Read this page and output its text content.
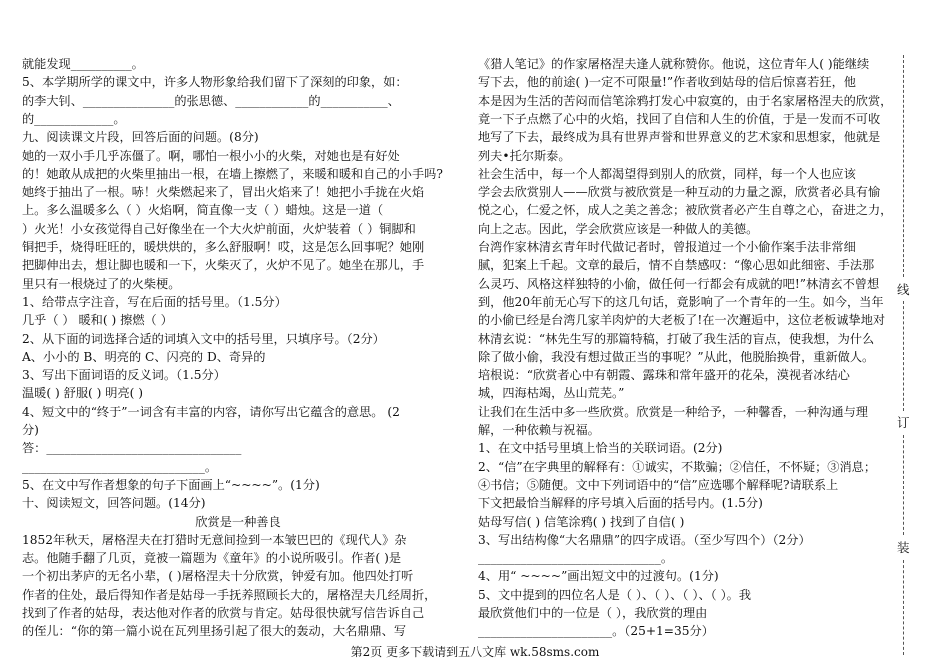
就能发现__________。
5、本学期所学的课文中，许多人物形象给我们留下了深刻的印象，如：
的李大钊、_______________的张思德、____________的___________、
的_____________。
九、阅读课文片段，回答后面的问题。(8分)
她的一双小手几乎冻僵了。啊，哪怕一根小小的火柴，对她也是有好处
的！她敢从成把的火柴里抽出一根，在墙上擦燃了，来暖和暖和自己的小手吗?
她终于抽出了一根。哧！火柴燃起来了，冒出火焰来了！她把小手拢在火焰
上。多么温暖多么（ ）火焰啊，简直像一支（ ）蜡烛。这是一道（
）火光！小女孩觉得自己好像坐在一个大火炉前面，火炉装着（ ）铜脚和
铜把手，烧得旺旺的，暖烘烘的，多么舒服啊！哎，这是怎么回事呢？她刚
把脚伸出去，想让脚也暖和一下，火柴灭了，火炉不见了。她坐在那儿，手
里只有一根烧过了的火柴梗。
1、给带点字注音，写在后面的括号里。（1.5分）
几乎（ ） 暖和( ) 擦燃（ ）
2、从下面的词选择合适的词填入文中的括号里，只填序号。（2分）
A、小小的 B、明亮的 C、闪亮的 D、奇异的
3、写出下面词语的反义词。（1.5分）
温暖( ) 舒服( ) 明亮( )
4、短文中的“终于”一词含有丰富的内容，请你写出它蕴含的意思。 (2
分)
答：________________________________
______________________________。
5、在文中写作者想象的句子下面画上“~~~~”。(1分)
十、阅读短文，回答问题。(14分)
欣赏是一种善良
1852年秋天，屠格涅夫在打猎时无意间捡到一本皱巴巴的《现代人》杂
志。他随手翻了几页，竟被一篇题为《童年》的小说所吸引。作者( )是
一个初出茅庐的无名小辈，( )屠格涅夫十分欣赏，钟爱有加。他四处打听
作者的住处，最后得知作者是姑母一手抚养照顾长大的，屠格涅夫几经周折，
找到了作者的姑母，表达他对作者的欣赏与肯定。姑母很快就写信告诉自己
的侄儿：“你的第一篇小说在瓦列里扬引起了很大的轰动，大名鼎鼎、写
《猎人笔记》的作家屠格涅夫逢人就称赞你。他说，这位青年人( )能继续
写下去，他的前途( )一定不可限量!”作者收到姑母的信后惊喜若狂，他
本是因为生活的苦闷而信笔涂鸦打发心中寂寞的，由于名家屠格涅夫的欣赏，
竟一下子点燃了心中的火焰，找回了自信和人生的价值，于是一发而不可收
地写了下去，最终成为具有世界声誉和世界意义的艺术家和思想家，他就是
列夫•托尔斯泰。
社会生活中，每一个人都渴望得到别人的欣赏，同样，每一个人也应该
学会去欣赏别人——欣赏与被欣赏是一种互动的力量之源，欣赏者必具有愉
悦之心，仁爱之怀，成人之美之善念；被欣赏者必产生自尊之心，奋进之力，
向上之志。因此，学会欣赏应该是一种做人的美德。
台湾作家林清玄青年时代做记者时，曾报道过一个小偷作案手法非常细
腻，犯案上千起。文章的最后，情不自禁感叹：“像心思如此细密、手法那
么灵巧、风格这样独特的小偷，做任何一行都会有成就的吧!”林清玄不曾想
到，他20年前无心写下的这几句话，竟影响了一个青年的一生。如今，当年
的小偷已经是台湾几家羊肉炉的大老板了!在一次邂逅中，这位老板诚挚地对
林清玄说：“林先生写的那篇特稿，打破了我生活的盲点，使我想，为什么
除了做小偷，我没有想过做正当的事呢？”从此，他脱胎换骨，重新做人。
培根说：“欣赏者心中有朝霞、露珠和常年盛开的花朵，漠视者冰结心
城，四海枯竭，丛山荒芜。”
让我们在生活中多一些欣赏。欣赏是一种给予，一种馨香，一种沟通与理
解，一种依赖与祝福。
1、在文中括号里填上恰当的关联词语。(2分)
2、“信”在字典里的解释有：①诚实，不欺骗；②信任，不怀疑；③消息；
④书信；⑤随便。文中下列词语中的“信”应选哪个解释呢?请联系上
下文把最恰当解释的序号填入后面的括号内。(1.5分)
姑母写信( ) 信笔涂鸦( ) 找到了自信( )
3、写出结构像“大名鼎鼎”的四字成语。（至少写四个）（2分）
______________________________。
4、用“ ~~~~”画出短文中的过渡句。(1分)
5、文中提到的四位名人是（ ）、（ ）、（ ）、（ ）。我
最欣赏他们中的一位是（ ），我欣赏的理由
______________________。（25+1=35分）
线
订
装
第2页 更多下载请到五八文库 wk.58sms.com
